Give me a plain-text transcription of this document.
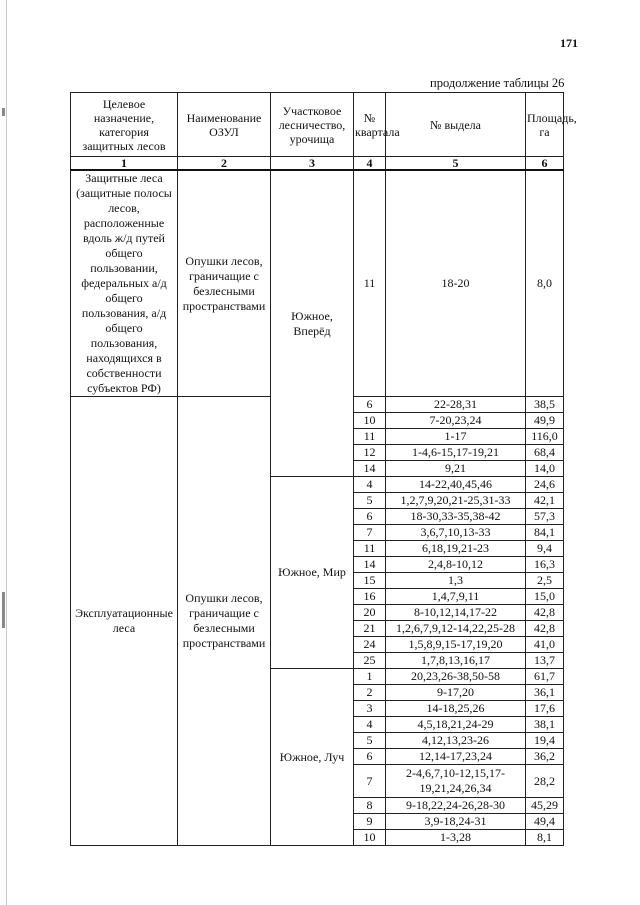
171
продолжение таблицы 26
Целевое назначение, категория защитных лесов	Наименование ОЗУЛ	Участковое лесничество, урочища	№ квартала	№ выдела	Площадь, га
1	2	3	4	5	6
Защитные леса (защитные полосы лесов, расположенные вдоль ж/д путей общего пользовании, федеральных а/д общего пользования, а/д общего пользования, находящихся в собственности субъектов РФ)	Опушки лесов, граничащие с безлесными пространствами	Южное, Вперёд	11	18-20	8,0
Эксплуатационные леса	Опушки лесов, граничащие с безлесными пространствами		6	22-28,31	38,5
			10	7-20,23,24	49,9
			11	1-17	116,0
			12	1-4,6-15,17-19,21	68,4
			14	9,21	14,0
		Южное, Мир	4	14-22,40,45,46	24,6
			5	1,2,7,9,20,21-25,31-33	42,1
			6	18-30,33-35,38-42	57,3
			7	3,6,7,10,13-33	84,1
			11	6,18,19,21-23	9,4
			14	2,4,8-10,12	16,3
			15	1,3	2,5
			16	1,4,7,9,11	15,0
			20	8-10,12,14,17-22	42,8
			21	1,2,6,7,9,12-14,22,25-28	42,8
			24	1,5,8,9,15-17,19,20	41,0
			25	1,7,8,13,16,17	13,7
		Южное, Луч	1	20,23,26-38,50-58	61,7
			2	9-17,20	36,1
			3	14-18,25,26	17,6
			4	4,5,18,21,24-29	38,1
			5	4,12,13,23-26	19,4
			6	12,14-17,23,24	36,2
			7	2-4,6,7,10-12,15,17-19,21,24,26,34	28,2
			8	9-18,22,24-26,28-30	45,29
			9	3,9-18,24-31	49,4
			10	1-3,28	8,1
